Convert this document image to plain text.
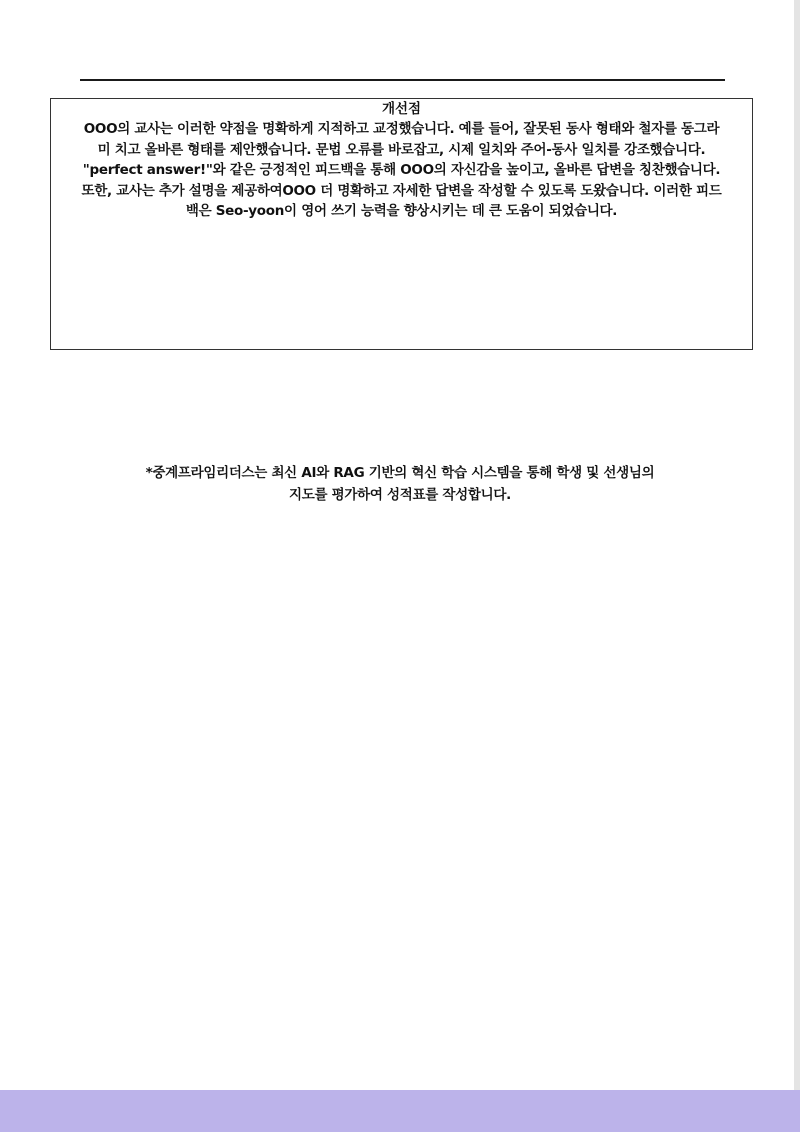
개선점

OOO의 교사는 이러한 약점을 명확하게 지적하고 교정했습니다. 예를 들어, 잘못된 동사 형태와 철자를 동그라미 치고 올바른 형태를 제안했습니다. 문법 오류를 바로잡고, 시제 일치와 주어-동사 일치를 강조했습니다. "perfect answer!"와 같은 긍정적인 피드백을 통해 OOO의 자신감을 높이고, 올바른 답변을 칭찬했습니다. 또한, 교사는 추가 설명을 제공하여OOO 더 명확하고 자세한 답변을 작성할 수 있도록 도왔습니다. 이러한 피드백은 Seo-yoon이 영어 쓰기 능력을 향상시키는 데 큰 도움이 되었습니다.

*중계프라임리더스는 최신 AI와 RAG 기반의 혁신 학습 시스템을 통해 학생 및 선생님의
지도를 평가하여 성적표를 작성합니다.
